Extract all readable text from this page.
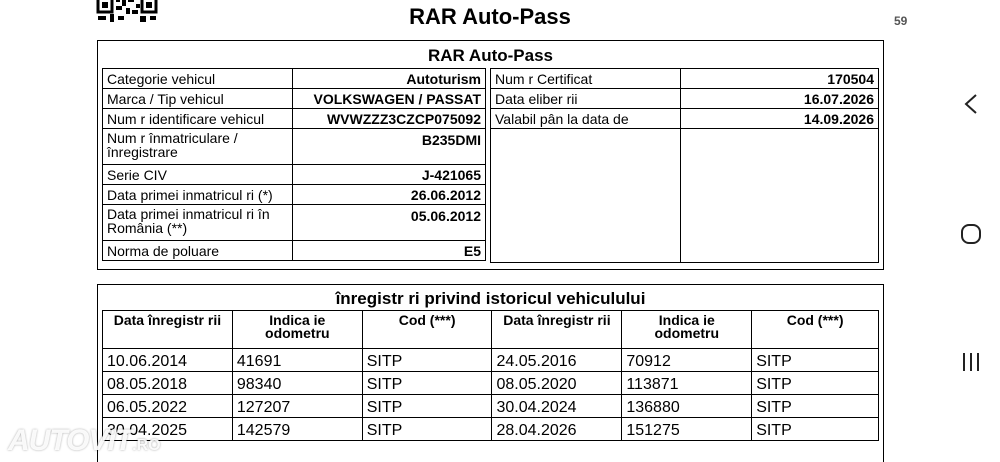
RAR Auto-Pass	59
RAR Auto-Pass
Categorie vehicul	Autoturism
Marca / Tip vehicul	VOLKSWAGEN / PASSAT
Num r identificare vehicul	WVWZZZ3CZCP075092
Num r înmatriculare / înregistrare	B235DMI
Serie CIV	J-421065
Data primei inmatricul ri (*)	26.06.2012
Data primei inmatricul ri în România (**)	05.06.2012
Norma de poluare	E5
Num r Certificat	170504
Data eliber rii	16.07.2026
Valabil pân la data de	14.09.2026

înregistr ri privind istoricul vehiculului
Data înregistr rii	Indica ie odometru	Cod (***)	Data înregistr rii	Indica ie odometru	Cod (***)
10.06.2014	41691	SITP	24.05.2016	70912	SITP
08.05.2018	98340	SITP	08.05.2020	113871	SITP
06.05.2022	127207	SITP	30.04.2024	136880	SITP
30.04.2025	142579	SITP	28.04.2026	151275	SITP
AUTOVIT.RO
